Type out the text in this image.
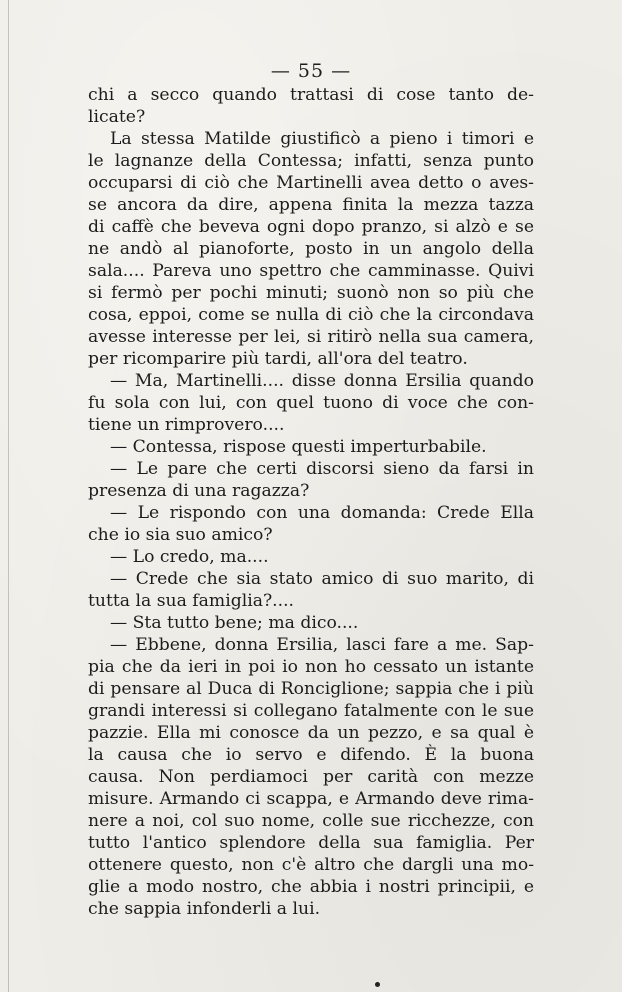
— 55 —
chi a secco quando trattasi di cose tanto de-
licate?
La stessa Matilde giustificò a pieno i timori e
le lagnanze della Contessa; infatti, senza punto
occuparsi di ciò che Martinelli avea detto o aves-
se ancora da dire, appena finita la mezza tazza
di caffè che beveva ogni dopo pranzo, si alzò e se
ne andò al pianoforte, posto in un angolo della
sala.... Pareva uno spettro che camminasse. Quivi
si fermò per pochi minuti; suonò non so più che
cosa, eppoi, come se nulla di ciò che la circondava
avesse interesse per lei, si ritirò nella sua camera,
per ricomparire più tardi, all'ora del teatro.
— Ma, Martinelli.... disse donna Ersilia quando
fu sola con lui, con quel tuono di voce che con-
tiene un rimprovero....
— Contessa, rispose questi imperturbabile.
— Le pare che certi discorsi sieno da farsi in
presenza di una ragazza?
— Le rispondo con una domanda: Crede Ella
che io sia suo amico?
— Lo credo, ma....
— Crede che sia stato amico di suo marito, di
tutta la sua famiglia?....
— Sta tutto bene; ma dico....
— Ebbene, donna Ersilia, lasci fare a me. Sap-
pia che da ieri in poi io non ho cessato un istante
di pensare al Duca di Ronciglione; sappia che i più
grandi interessi si collegano fatalmente con le sue
pazzie. Ella mi conosce da un pezzo, e sa qual è
la causa che io servo e difendo. È la buona
causa. Non perdiamoci per carità con mezze
misure. Armando ci scappa, e Armando deve rima-
nere a noi, col suo nome, colle sue ricchezze, con
tutto l'antico splendore della sua famiglia. Per
ottenere questo, non c'è altro che dargli una mo-
glie a modo nostro, che abbia i nostri principii, e
che sappia infonderli a lui.
